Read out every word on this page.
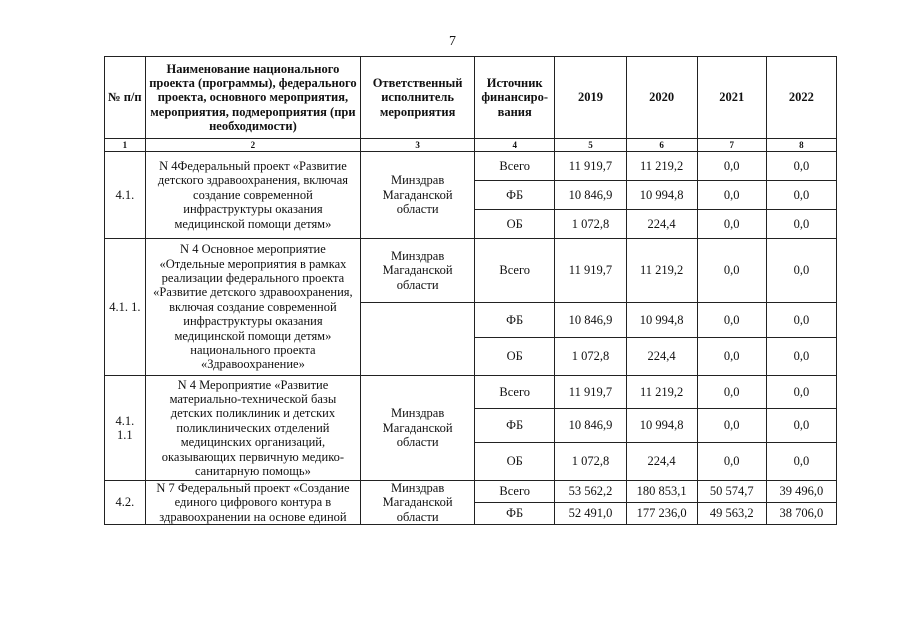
7
№ п/п	Наименование национального проекта (программы), федерального проекта, основного мероприятия, мероприятия, подмероприятия (при необходимости)	Ответственный исполнитель мероприятия	Источник финансиро-вания	2019	2020	2021	2022
1	2	3	4	5	6	7	8
4.1.	N 4Федеральный проект «Развитие детского здравоохранения, включая создание современной инфраструктуры оказания медицинской помощи детям»	Минздрав Магаданской области	Всего	11 919,7	11 219,2	0,0	0,0
			ФБ	10 846,9	10 994,8	0,0	0,0
			ОБ	1 072,8	224,4	0,0	0,0
4.1. 1.	N 4 Основное мероприятие «Отдельные мероприятия в рамках реализации федерального проекта «Развитие детского здравоохранения, включая создание современной инфраструктуры оказания медицинской помощи детям» национального проекта «Здравоохранение»	Минздрав Магаданской области	Всего	11 919,7	11 219,2	0,0	0,0
			ФБ	10 846,9	10 994,8	0,0	0,0
			ОБ	1 072,8	224,4	0,0	0,0
4.1. 1.1	N 4 Мероприятие «Развитие материально-технической базы детских поликлиник и детских поликлинических отделений медицинских организаций, оказывающих первичную медико-санитарную помощь»	Минздрав Магаданской области	Всего	11 919,7	11 219,2	0,0	0,0
			ФБ	10 846,9	10 994,8	0,0	0,0
			ОБ	1 072,8	224,4	0,0	0,0
4.2.	N 7 Федеральный проект «Создание единого цифрового контура в здравоохранении на основе единой	Минздрав Магаданской области	Всего	53 562,2	180 853,1	50 574,7	39 496,0
			ФБ	52 491,0	177 236,0	49 563,2	38 706,0
